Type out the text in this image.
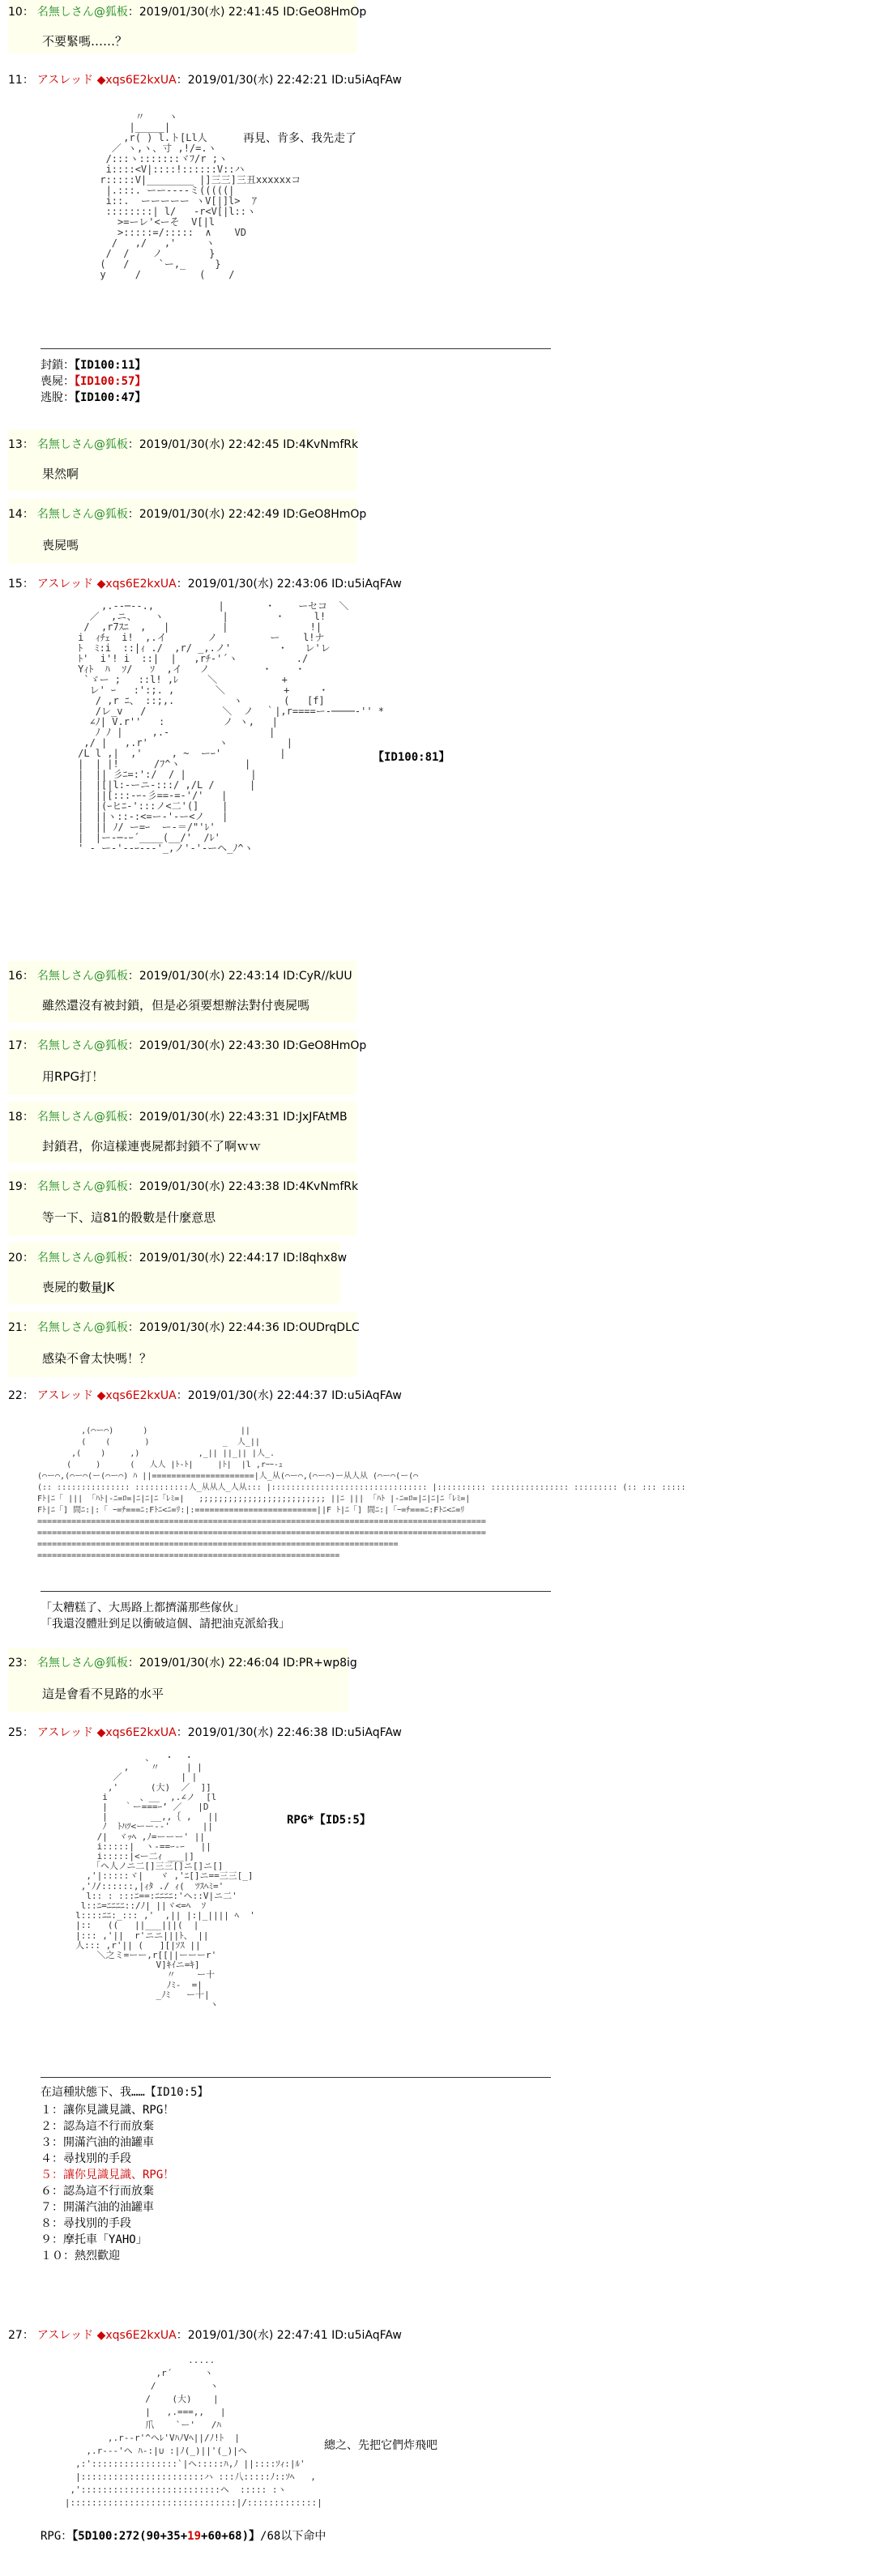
10： 名無しさん@狐板：2019/01/30(水) 22:41:45 ID:GeO8HmOp
不要緊嗎……？
11： アスレッド ◆xqs6E2kxUA：2019/01/30(水) 22:42:21 ID:u5iAqFAw
〃    ヽ
|_____|
,r( ) l.ト[Ll人
／ ヽ,ヽ、寸 ,!/=.ヽ
/:::ヽ:::::::ヾﾌ/r ;ヽ
i::::<V|::::!::::::V::ハ
r:::::V|________ |]三三]三丑xxxxxxコ
|.:::. ーー----ミ(((((|
i::.  ーーーーー ヽV[|]l>  ｱ
::::::::| l/   -r<V[|l::ヽ
>=ーレ'<ーそ  V[|l
>:::::=/:::::  ∧    VD
/   ,/   ,'     ヽ
/  /    ノ        }
(   /     `ー,_     }
y     /          (    /
再見、肯多、我先走了
封鎖：【ID100:11】
喪屍：【ID100:57】
逃脫：【ID100:47】
13： 名無しさん@狐板：2019/01/30(水) 22:42:45 ID:4KvNmfRk
果然啊
14： 名無しさん@狐板：2019/01/30(水) 22:42:49 ID:GeO8HmOp
喪屍嗎
15： アスレッド ◆xqs6E2kxUA：2019/01/30(水) 22:43:06 ID:u5iAqFAw
,.--─--.,           |       ・    ーセコ  ＼
／  ,ニ、   ヽ          |        ・     l!
/  ,r7ｽﾆ  ,   |         |              !|
i  ｨﾁｪ  i!  ,.イ       ノ         ー    l!ナ
ﾄ  ﾐ:i  ::|ｨ ./  ,r/ _,.ノ'        ・   レ'レ
ﾄ'  i'! i  ::|  |   ,rﾁ-'´ヽ          ./
Yｨﾄ  ﾊ  ｿ/   ｿ  ,イ   ノ         ・    ・
`ゞー ;   ::l! ,ﾚ     ＼           +
レ' ｰ   :':;. ,       ＼          +     ・
/ ,r ﾆ、 ::;,.          ヽ       (   [f]
/レ_v   /             ＼  ノ  ｀|,r====ー-────‐'' *
∠ﾉ| V.r''   :          ノ ヽ,   |
ﾉ ﾉ |     ,.-                 |
,/ |   ,.r'            ヽ          |
/L l ,|  ,'     , ~  ーｰ'          |
|  | |!      /ﾌ^ヽ           |
|  || 彡ﾆ=:':/  / |           |
|  |[|l:-ーニ-:::/ ,/L /      |
|  ||[:::-ｰ-彡==-=-'/'   |
|  |(ｰヒﾆ-':::ノ<二'(]    |
|  ||ヽ::-:<=ー-'-ー<ノ   |
|  || ﾉ/ ー=ｰ  ー-＝/"'ﾚ'
|  |ー-─-ｰ´____(__/'  /ﾚ'
' - ー-'--ｰ---'_,ノ'-'-ーヘ_ﾉ^ヽ
【ID100:81】
16： 名無しさん@狐板：2019/01/30(水) 22:43:14 ID:CyR//kUU
雖然還沒有被封鎖，但是必須要想辦法對付喪屍嗎
17： 名無しさん@狐板：2019/01/30(水) 22:43:30 ID:GeO8HmOp
用RPG打！
18： 名無しさん@狐板：2019/01/30(水) 22:43:31 ID:JxJFAtMB
封鎖君，你這樣連喪屍都封鎖不了啊ｗｗ
19： 名無しさん@狐板：2019/01/30(水) 22:43:38 ID:4KvNmfRk
等一下、這81的骰數是什麼意思
20： 名無しさん@狐板：2019/01/30(水) 22:44:17 ID:l8qhx8w
喪屍的數量JK
21： 名無しさん@狐板：2019/01/30(水) 22:44:36 ID:OUDrqDLC
感染不會太快嗎！？
22： アスレッド ◆xqs6E2kxUA：2019/01/30(水) 22:44:37 ID:u5iAqFAw
,(⌒ー⌒)      )                   ||
(    (       )               _  人_||
,(    )     ,)            ,_|| ||_|| |人_.
(     )      (   人人 |ﾄ-ﾄ|     |ﾄ|  |l ,rｰｰ-ｭ
(⌒ー⌒,(⌒ー⌒(ー(⌒ー⌒) ﾊ ||=====================|人_从(⌒ー⌒,(⌒ー⌒)ー从人从 (⌒ー⌒(ー(⌒
(:: ::::::::::::::: :::::::::::人_从从人_人从::: |:::::::::::::::::::::::::::::::: |:::::::::: :::::::::::::::: ::::::::: (:: ::: :::::
Fﾄ|ﾆ「 ||| 「ﾊﾄ|-ﾆ=ﾛ=|ﾆ|ﾆ|ﾆ「ﾚﾐ=|   ;;;;;;;;;;;;;;;;;;;;;;;;;; ||ﾆ ||| 「ﾊﾄ |-ﾆ=ﾛ=|ﾆ|ﾆ|ﾆ「ﾚﾐ=|
Fﾄ|ﾆ「] 間ﾆ:|:「 ｰ=ﾁ===ﾆ:Fﾄﾆ<ﾆ=ﾘ:|:=========================||F ﾄ|ﾆ「] 間ﾆ:|「ｰ=ﾁ===ﾆ:Fﾄﾆ<ﾆ=ﾘ
============================================================================================
============================================================================================
==========================================================================
==============================================================
「太糟糕了、大馬路上都擠滿那些傢伙」
「我還沒體壯到足以衝破這個、請把油克派給我」
23： 名無しさん@狐板：2019/01/30(水) 22:46:04 ID:PR+wp8ig
這是會看不見路的水平
25： アスレッド ◆xqs6E2kxUA：2019/01/30(水) 22:46:38 ID:u5iAqFAw
、  ・  ・
,    〃     | |
／           | |
,'      (大)  ／  ]]
i      、__  ,.∠ノ  [l
|   ｀ー===ｰ’ ／   |D
|        __,,｛ ,   ||
ﾉ  ﾄﾊﾂ<ーー--'      ||
/|  ヾｯﾍ ,ﾉ=ーーー' ||
i:::::|  ヽ-==ｰ-ｰ   ||
i:::::|<ー二ｨ ___|]
「ヘ人ノニ二[]三三[]ニ[]ニ[]
,'|:::::ヾ|   ヾ ,'ﾆ[]ニ==三三[_]
,'ﾉ/::::::,|ｨﾀ ./ ｨ(  ﾂｽﾍﾐ='
l:: : :::ﾆ==:ﾆﾆﾆﾆ:'ヘ::V|ニ二'
l::ﾆ=ﾆﾆﾆﾆ::/ﾉ| ||ヾ<=ﾍ  ｿ
l::::ﾆﾆ:_::: ,'  ,|| |:|_|||| ﾍ  '
|::   ((   ||___|||(  |
|::: ,'||  r'ニニ|||ﾄ、 ||
人::: ,r'|| (   ][|ｿｽ ||
＼之ミ=ーー,r[[||ーーーr'
V]ｷｲニ=ｷ]
〃    ー十
ﾉﾐ-  =|
_ﾉﾐ   ー十|
ヽ
RPG*【ID5:5】
在這種狀態下、我……【ID10:5】
１：讓你見識見識、RPG！
２：認為這不行而放棄
３：開滿汽油的油罐車
４：尋找別的手段
５：讓你見識見識、RPG！
６：認為這不行而放棄
７：開滿汽油的油罐車
８：尋找別的手段
９：摩托車「YAHO」
１０：熱烈歡迎
27： アスレッド ◆xqs6E2kxUA：2019/01/30(水) 22:47:41 ID:u5iAqFAw
.....
,r´      ヽ
/          ヽ
/    (大)    |
|   ,.===,,   |
爪    `ー'   /ﾊ
,.r--r'^ヘﾚ'VﾊﾉVﾍ||/ﾉ!ﾄ  |
,.r---'ヘ ﾊ‐:|∪ :|ﾉ(_)||'(_)|ヘ
,:'::::::::::::::::`|ヘ:::::ﾊ,ﾉ ||::::ｿｨ:|ﾙ'
|:::::::::::::::::::::::ハ :::八:::::ﾉ::ｿﾍ   ,
,'::::::::::::::::::::::::::ヘ  ::::: :ヽ
|:::::::::::::::::::::::::::::::|/:::::::::::::|
總之、先把它們炸飛吧
RPG：【5D100:272(90+35+19+60+68)】/68以下命中
